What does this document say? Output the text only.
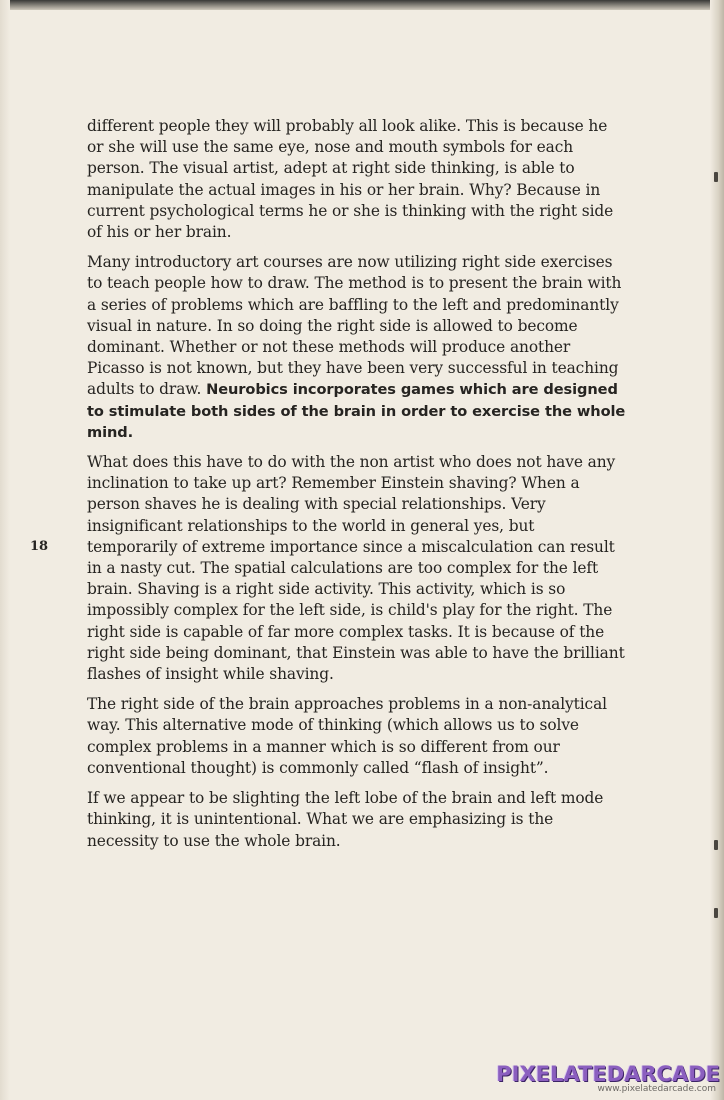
18

different people they will probably all look alike. This is because he or she will use the same eye, nose and mouth symbols for each person. The visual artist, adept at right side thinking, is able to manipulate the actual images in his or her brain. Why? Because in current psychological terms he or she is thinking with the right side of his or her brain.

Many introductory art courses are now utilizing right side exercises to teach people how to draw. The method is to present the brain with a series of problems which are baffling to the left and predominantly visual in nature. In so doing the right side is allowed to become dominant. Whether or not these methods will produce another Picasso is not known, but they have been very successful in teaching adults to draw. Neurobics incorporates games which are designed to stimulate both sides of the brain in order to exercise the whole mind.

What does this have to do with the non artist who does not have any inclination to take up art? Remember Einstein shaving? When a person shaves he is dealing with special relationships. Very insignificant relationships to the world in general yes, but temporarily of extreme importance since a miscalculation can result in a nasty cut. The spatial calculations are too complex for the left brain. Shaving is a right side activity. This activity, which is so impossibly complex for the left side, is child's play for the right. The right side is capable of far more complex tasks. It is because of the right side being dominant, that Einstein was able to have the brilliant flashes of insight while shaving.

The right side of the brain approaches problems in a non-analytical way. This alternative mode of thinking (which allows us to solve complex problems in a manner which is so different from our conventional thought) is commonly called “flash of insight”.

If we appear to be slighting the left lobe of the brain and left mode thinking, it is unintentional. What we are emphasizing is the necessity to use the whole brain.

PIXELATEDARCADE
www.pixelatedarcade.com
